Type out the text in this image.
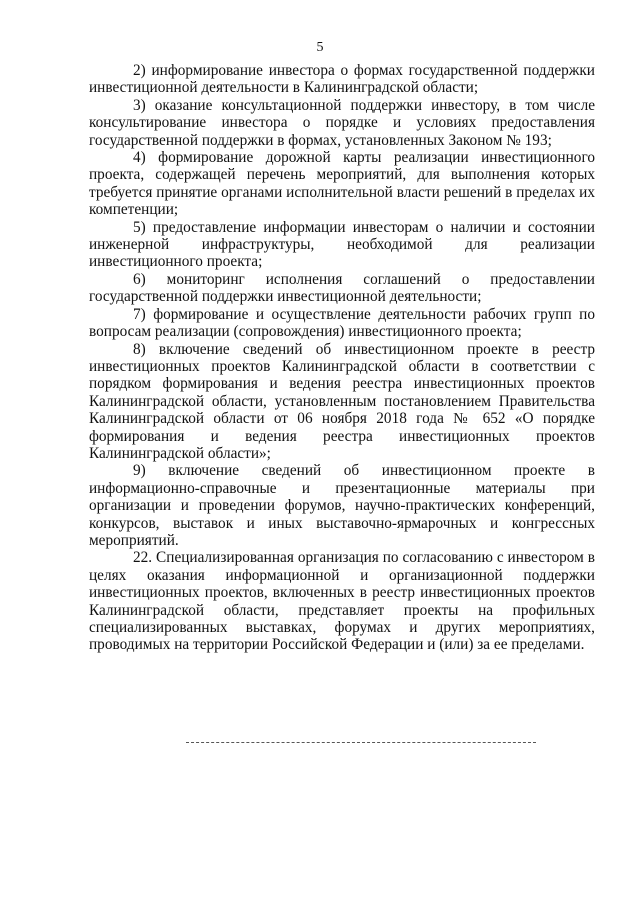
5

2) информирование инвестора о формах государственной поддержки инвестиционной деятельности в Калининградской области;

3) оказание консультационной поддержки инвестору, в том числе консультирование инвестора о порядке и условиях предоставления государственной поддержки в формах, установленных Законом № 193;

4) формирование дорожной карты реализации инвестиционного проекта, содержащей перечень мероприятий, для выполнения которых требуется принятие органами исполнительной власти решений в пределах их компетенции;

5) предоставление информации инвесторам о наличии и состоянии инженерной инфраструктуры, необходимой для реализации инвестиционного проекта;

6) мониторинг исполнения соглашений о предоставлении государственной поддержки инвестиционной деятельности;

7) формирование и осуществление деятельности рабочих групп по вопросам реализации (сопровождения) инвестиционного проекта;

8) включение сведений об инвестиционном проекте в реестр инвестиционных проектов Калининградской области в соответствии с порядком формирования и ведения реестра инвестиционных проектов Калининградской области, установленным постановлением Правительства Калининградской области от 06 ноября 2018 года № 652 «О порядке формирования и ведения реестра инвестиционных проектов Калининградской области»;

9) включение сведений об инвестиционном проекте в информационно-справочные и презентационные материалы при организации и проведении форумов, научно-практических конференций, конкурсов, выставок и иных выставочно-ярмарочных и конгрессных мероприятий.

22. Специализированная организация по согласованию с инвестором в целях оказания информационной и организационной поддержки инвестиционных проектов, включенных в реестр инвестиционных проектов Калининградской области, представляет проекты на профильных специализированных выставках, форумах и других мероприятиях, проводимых на территории Российской Федерации и (или) за ее пределами.
